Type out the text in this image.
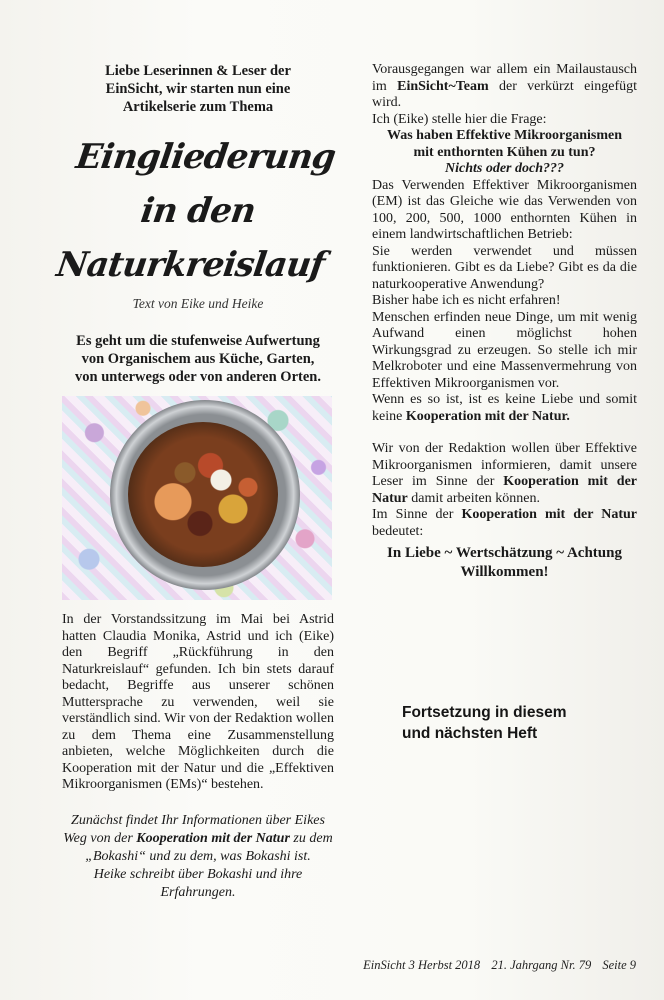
Liebe Leserinnen & Leser der
EinSicht, wir starten nun eine
Artikelserie zum Thema
Eingliederung
in den
Naturkreislauf
Text von Eike und Heike
Es geht um die stufenweise Aufwertung
von Organischem aus Küche, Garten,
von unterwegs oder von anderen Orten.
In der Vorstandssitzung im Mai bei Astrid hatten Claudia Monika, Astrid und ich (Eike) den Begriff „Rückführung in den Naturkreislauf“ gefunden. Ich bin stets darauf bedacht, Begriffe aus unserer schönen Muttersprache zu verwenden, weil sie verständlich sind. Wir von der Redaktion wollen zu dem Thema eine Zusammenstellung anbieten, welche Möglichkeiten durch die Kooperation mit der Natur und die „Effektiven Mikroorganismen (EMs)“ bestehen.
Zunächst findet Ihr Informationen über Eikes Weg von der Kooperation mit der Natur zu dem „Bokashi“ und zu dem, was Bokashi ist.
Heike schreibt über Bokashi und ihre Erfahrungen.

Vorausgegangen war allem ein Mailaustausch im EinSicht~Team der verkürzt eingefügt wird.

Ich (Eike) stelle hier die Frage:

Was haben Effektive Mikroorganismen
mit enthornten Kühen zu tun?
Nichts oder doch???

Das Verwenden Effektiver Mikroorganismen (EM) ist das Gleiche wie das Verwenden von 100, 200, 500, 1000 enthornten Kühen in einem landwirtschaftlichen Betrieb:

Sie werden verwendet und müssen funktionieren. Gibt es da Liebe? Gibt es da die naturkooperative Anwendung?

Bisher habe ich es nicht erfahren!

Menschen erfinden neue Dinge, um mit wenig Aufwand einen möglichst hohen Wirkungsgrad zu erzeugen. So stelle ich mir Melkroboter und eine Massenvermehrung von Effektiven Mikroorganismen vor.

Wenn es so ist, ist es keine Liebe und somit keine Kooperation mit der Natur.

Wir von der Redaktion wollen über Effektive Mikroorganismen informieren, damit unsere Leser im Sinne der Kooperation mit der Natur damit arbeiten können.

Im Sinne der Kooperation mit der Natur bedeutet:

In Liebe ~ Wertschätzung ~ Achtung
Willkommen!
Fortsetzung in diesem
und nächsten Heft
EinSicht 3 Herbst 2018 21. Jahrgang Nr. 79 Seite 9
